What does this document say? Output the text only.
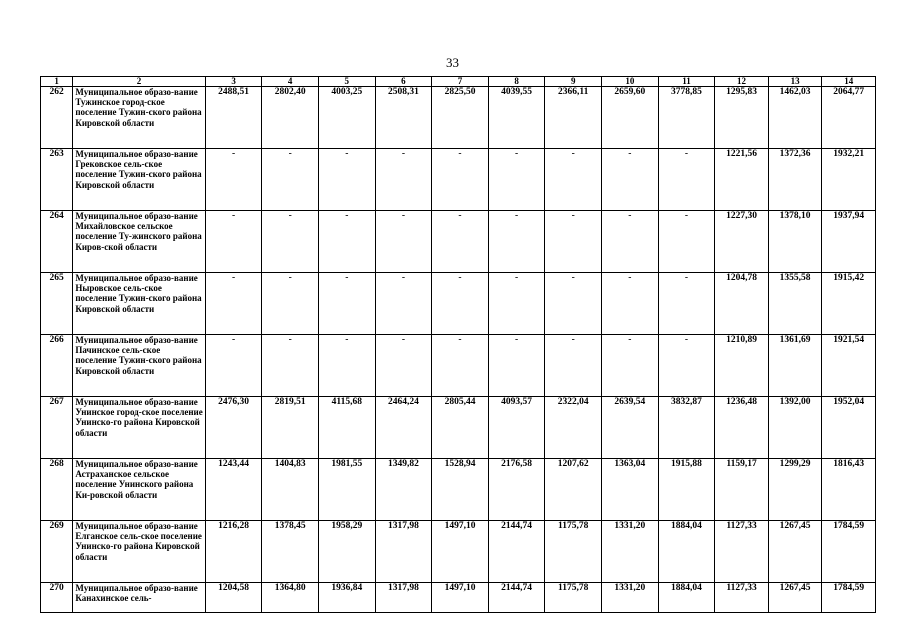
33
1	2	3	4	5	6	7	8	9	10	11	12	13	14
262	Муниципальное образо-вание Тужинское город-ское поселение Тужин-ского района Кировской области	2488,51	2802,40	4003,25	2508,31	2825,50	4039,55	2366,11	2659,60	3778,85	1295,83	1462,03	2064,77
263	Муниципальное образо-вание Грековское сель-ское поселение Тужин-ского района Кировской области	-	-	-	-	-	-	-	-	-	1221,56	1372,36	1932,21
264	Муниципальное образо-вание Михайловское сельское поселение Ту-жинского района Киров-ской области	-	-	-	-	-	-	-	-	-	1227,30	1378,10	1937,94
265	Муниципальное образо-вание Ныровское сель-ское поселение Тужин-ского района Кировской области	-	-	-	-	-	-	-	-	-	1204,78	1355,58	1915,42
266	Муниципальное образо-вание Пачинское сель-ское поселение Тужин-ского района Кировской области	-	-	-	-	-	-	-	-	-	1210,89	1361,69	1921,54
267	Муниципальное образо-вание Унинское город-ское поселение Унинско-го района Кировской области	2476,30	2819,51	4115,68	2464,24	2805,44	4093,57	2322,04	2639,54	3832,87	1236,48	1392,00	1952,04
268	Муниципальное образо-вание Астраханское сельское поселение Унинского района Ки-ровской области	1243,44	1404,83	1981,55	1349,82	1528,94	2176,58	1207,62	1363,04	1915,88	1159,17	1299,29	1816,43
269	Муниципальное образо-вание Елганское сель-ское поселение Унинско-го района Кировской области	1216,28	1378,45	1958,29	1317,98	1497,10	2144,74	1175,78	1331,20	1884,04	1127,33	1267,45	1784,59
270	Муниципальное образо-вание Канахинское сель-	1204,58	1364,80	1936,84	1317,98	1497,10	2144,74	1175,78	1331,20	1884,04	1127,33	1267,45	1784,59
